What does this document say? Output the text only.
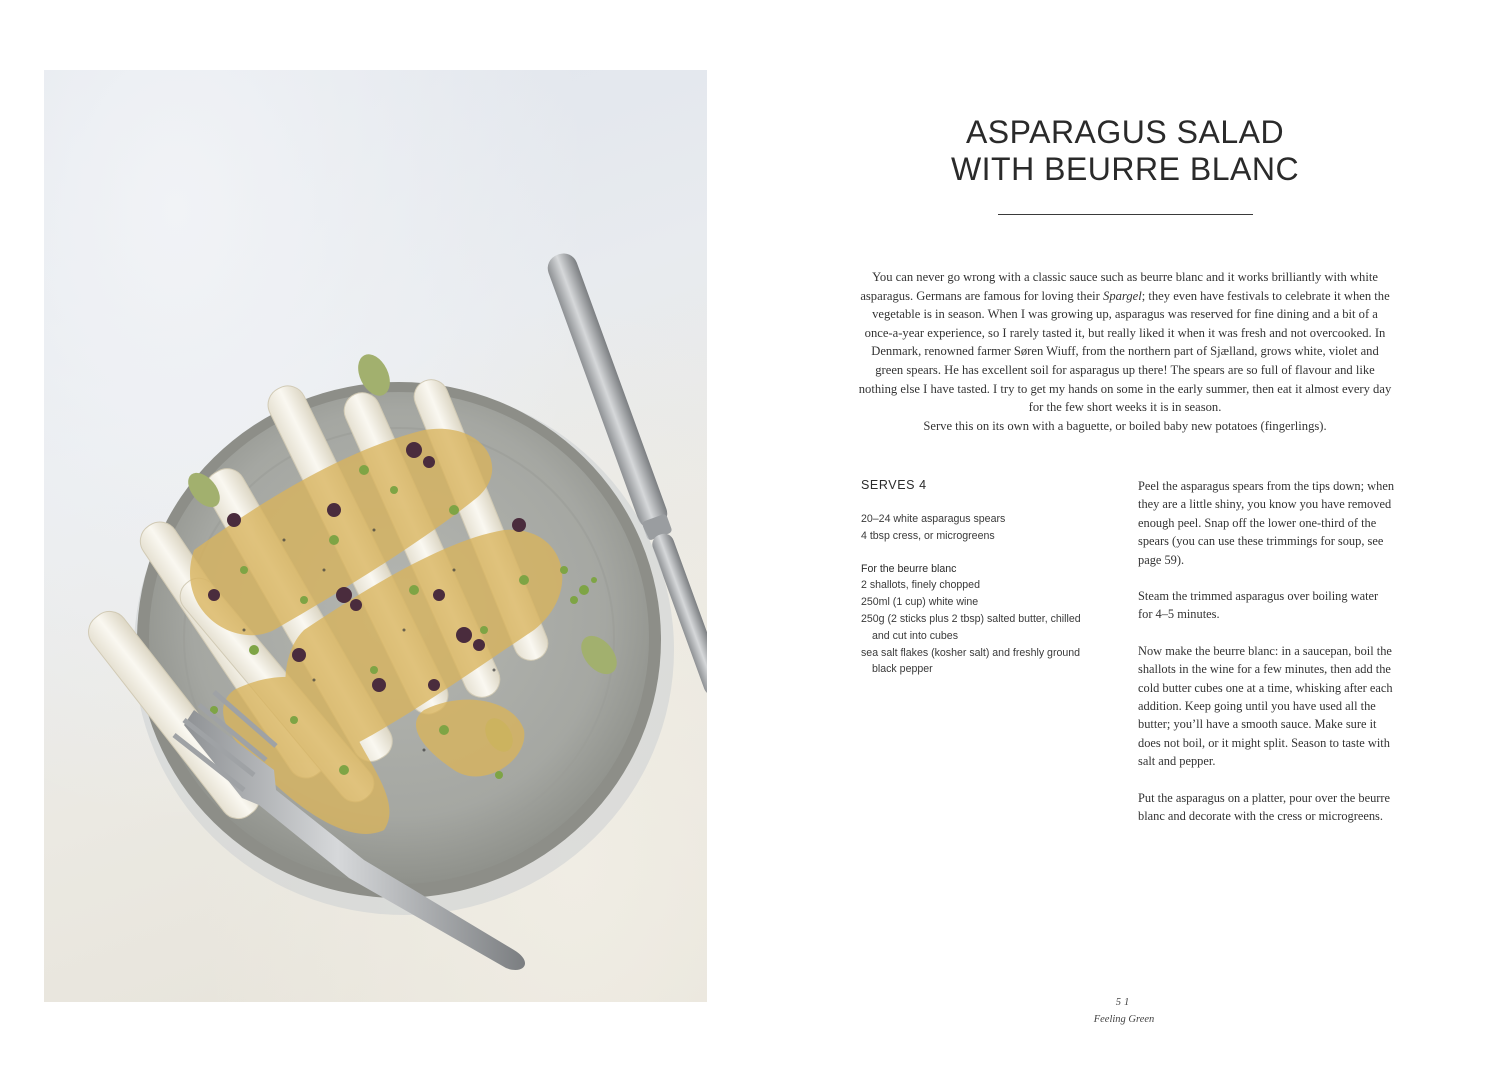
ASPARAGUS SALAD
WITH BEURRE BLANC

You can never go wrong with a classic sauce such as beurre blanc and it works brilliantly with white asparagus. Germans are famous for loving their Spargel; they even have festivals to celebrate it when the vegetable is in season. When I was growing up, asparagus was reserved for fine dining and a bit of a once-a-year experience, so I rarely tasted it, but really liked it when it was fresh and not overcooked. In Denmark, renowned farmer Søren Wiuff, from the northern part of Sjælland, grows white, violet and green spears. He has excellent soil for asparagus up there! The spears are so full of flavour and like nothing else I have tasted. I try to get my hands on some in the early summer, then eat it almost every day for the few short weeks it is in season.

Serve this on its own with a baguette, or boiled baby new potatoes (fingerlings).

SERVES 4
20–24 white asparagus spears
4 tbsp cress, or microgreens
For the beurre blanc
2 shallots, finely chopped
250ml (1 cup) white wine
250g (2 sticks plus 2 tbsp) salted butter, chilled and cut into cubes
sea salt flakes (kosher salt) and freshly ground black pepper

Peel the asparagus spears from the tips down; when they are a little shiny, you know you have removed enough peel. Snap off the lower one-third of the spears (you can use these trimmings for soup, see page 59).

Steam the trimmed asparagus over boiling water for 4–5 minutes.

Now make the beurre blanc: in a saucepan, boil the shallots in the wine for a few minutes, then add the cold butter cubes one at a time, whisking after each addition. Keep going until you have used all the butter; you’ll have a smooth sauce. Make sure it does not boil, or it might split. Season to taste with salt and pepper.

Put the asparagus on a platter, pour over the beurre blanc and decorate with the cress or microgreens.

51
Feeling Green
